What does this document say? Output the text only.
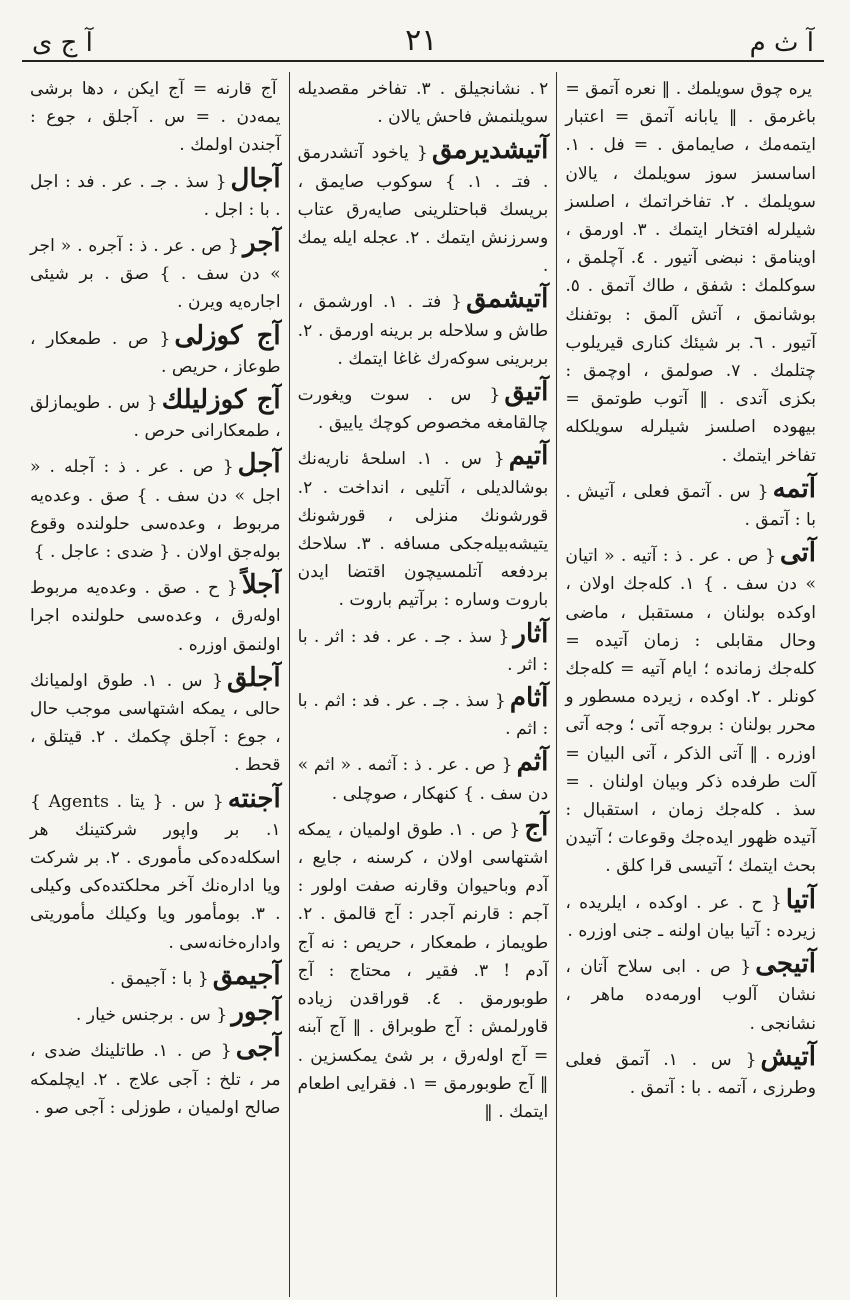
آ ث م
٢١
آ ج ی
یره چوق سویلمك . ‖ نعره آتمق = باغرمق . ‖ یابانه آتمق = اعتبار ایتمه‌مك ، صایمامق . = فل . ١. اساسسز سوز سویلمك ، یالان سویلمك . ٢. تفاخراتمك ، اصلسز شیلرله افتخار ایتمك . ٣. اورمق ، اوینامق : نبضی آتیور . ٤. آچلمق ، سوکلمك : شفق ، طاك آتمق . ٥. بوشانمق ، آتش آلمق : بوتفنك آتیور . ٦. بر شیئك کناری قیریلوب چتلمك . ٧. صولمق ، اوچمق : بکزی آتدی . ‖ آتوب طوتمق = بیهوده اصلسز شیلرله سویلکله تفاخر ایتمك .
آتمه{ س . آتمق فعلی ، آتیش . با : آتمق .
آتی{ ص . عر . ذ : آتیه . « اتیان » دن سف . } ١. کله‌جك اولان ، اوکده بولنان ، مستقبل ، ماضی وحال مقابلی : زمان آتیده = کله‌جك زمانده ؛ ایام آتیه = کله‌جك کونلر . ٢. اوکده ، زیرده مسطور و محرر بولنان : بروجه آتی ؛ وجه آتی اوزره . ‖ آتی الذکر ، آتی البیان = آلت طرفده ذکر وبیان اولنان . = سذ . کله‌جك زمان ، استقبال : آتیده ظهور ایده‌جك وقوعات ؛ آتیدن بحث ایتمك ؛ آتیسی قرا کلق .
آتیا{ ح . عر . اوکده ، ایلریده ، زیرده : آتیا بیان اولنه ـ جنی اوزره .
آتیجی{ ص . ابی سلاح آتان ، نشان آلوب اورمه‌ده ماهر ، نشانجی .
آتیش{ س . ١. آتمق فعلی وطرزی ، آتمه . با : آتمق .
٢. نشانجیلق . ٣. تفاخر مقصدیله سویلنمش فاحش یالان .
آتیشدیرمق{ یاخود آتشدرمق . فتـ . ١. } سوکوب صایمق ، بریسك قباحتلرینی صایه‌رق عتاب وسرزنش ایتمك . ٢. عجله ایله یمك .
آتیشمق{ فتـ . ١. اورشمق ، طاش و سلاحله بر برینه اورمق . ٢. بربرینی سوکه‌رك غاغا ایتمك .
آتیق{ س . سوت ویغورت چالقامغه مخصوص کوچك یاییق .
آتیم{ س . ١. اسلحهٔ ناریه‌نك بوشالدیلی ، آتلیی ، انداخت . ٢. قورشونك منزلی ، قورشونك یتیشه‌بیله‌جکی مسافه . ٣. سلاحك بردفعه آتلمسیچون اقتضا ایدن باروت وساره : برآتیم باروت .
آثار{ سذ . جـ . عر . فد : اثر . با : اثر .
آثام{ سذ . جـ . عر . فد : اثم . با : اثم .
آثم{ ص . عر . ذ : آثمه . « اثم » دن سف . } کنهکار ، صوچلی .
آج{ ص . ١. طوق اولمیان ، یمکه اشتهاسی اولان ، کرسنه ، جایع ، آدم وباحیوان وقارنه صفت اولور : آجم : قارنم آجدر : آج قالمق . ٢. طویماز ، طمعکار ، حریص : نه آج آدم ! ٣. فقیر ، محتاج : آج طوبورمق . ٤. قوراقدن زیاده قاورلمش : آج طوبراق . ‖ آج آبنه = آج اوله‌رق ، بر شئ یمکسزین . ‖ آج طوبورمق = ١. فقرایی اطعام ایتمك . ‖
آج قارنه = آج ایکن ، دها برشی یمه‌دن . = س . آجلق ، جوع : آجندن اولمك .
آجال{ سذ . جـ . عر . فد : اجل . با : اجل .
آجر{ ص . عر . ذ : آجره . « اجر » دن سف . } صق . بر شیئی اجاره‌یه ویرن .
آج کوزلی{ ص . طمعکار ، طوعاز ، حریص .
آج کوزلیلك{ س . طویمازلق ، طمعکارانی حرص .
آجل{ ص . عر . ذ : آجله . « اجل » دن سف . } صق . وعده‌یه مربوط ، وعده‌سی حلولنده وقوع بوله‌جق اولان . { ضدی : عاجل . }
آجلاً{ ح . صق . وعده‌یه مربوط اوله‌رق ، وعده‌سی حلولنده اجرا اولنمق اوزره .
آجلق{ س . ١. طوق اولمیانك حالی ، یمکه اشتهاسی موجب حال ، جوع : آجلق چکمك . ٢. قیتلق ، قحط .
آجنته{ س . { یتا . Agents } ١. بر واپور شرکتینك هر اسکله‌ده‌کی مأموری . ٢. بر شرکت ویا اداره‌نك آخر محلکتده‌کی وکیلی . ٣. بومأمور ویا وکیلك مأموریتی واداره‌خانه‌سی .
آجیمق{ با : آجیمق .
آجور{ س . برجنس خیار .
آجی{ ص . ١. طاتلینك ضدی ، مر ، تلخ : آجی علاج . ٢. ایچلمکه صالح اولمیان ، طوزلی : آجی صو .
